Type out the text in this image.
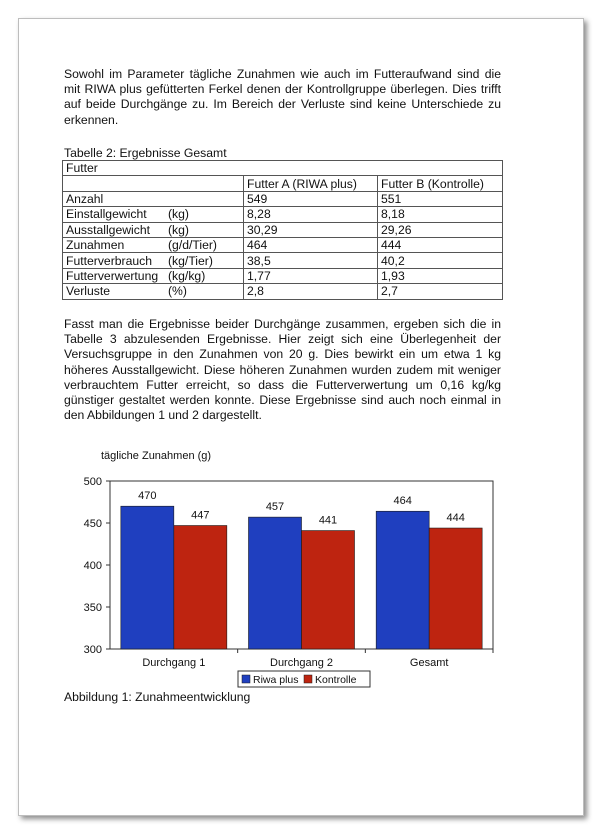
Sowohl im Parameter tägliche Zunahmen wie auch im Futteraufwand sind die mit RIWA plus gefütterten Ferkel denen der Kontrollgruppe überlegen. Dies trifft auf beide Durchgänge zu. Im Bereich der Verluste sind keine Unterschiede zu erkennen.

Tabelle 2: Ergebnisse Gesamt
Futter		
	Futter A (RIWA plus)	Futter B (Kontrolle)
Anzahl	549	551
Einstallgewicht (kg)	8,28	8,18
Ausstallgewicht (kg)	30,29	29,26
Zunahmen (g/d/Tier)	464	444
Futterverbrauch (kg/Tier)	38,5	40,2
Futterverwertung (kg/kg)	1,77	1,93
Verluste (%)	2,8	2,7

Fasst man die Ergebnisse beider Durchgänge zusammen, ergeben sich die in Tabelle 3 abzulesenden Ergebnisse. Hier zeigt sich eine Überlegenheit der Versuchsgruppe in den Zunahmen von 20 g. Dies bewirkt ein um etwa 1 kg höheres Ausstallgewicht. Diese höheren Zunahmen wurden zudem mit weniger verbrauchtem Futter erreicht, so dass die Futterverwertung um 0,16 kg/kg günstiger gestaltet werden konnte. Diese Ergebnisse sind auch noch einmal in den Abbildungen 1 und 2 dargestellt.

tägliche Zunahmen (g)
300
350
400
450
500
Durchgang 1
470
447
Durchgang 2
457
441
Gesamt
464
444
Riwa plus Kontrolle
Abbildung 1: Zunahmeentwicklung
